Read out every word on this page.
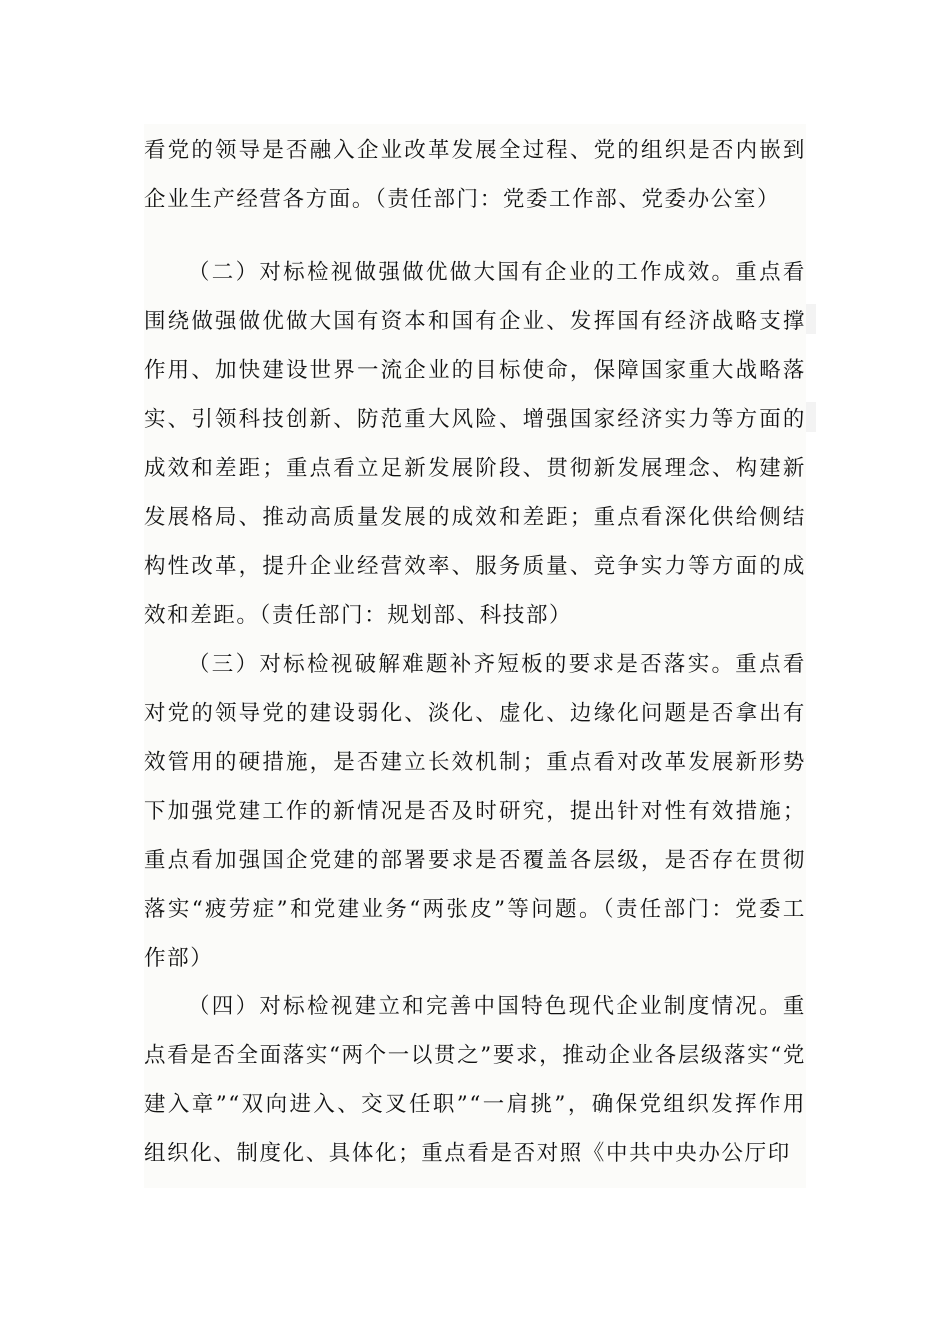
看党的领导是否融入企业改革发展全过程、党的组织是否内嵌到企业生产经营各方面。（责任部门：党委工作部、党委办公室）

（二）对标检视做强做优做大国有企业的工作成效。重点看围绕做强做优做大国有资本和国有企业、发挥国有经济战略支撑作用、加快建设世界一流企业的目标使命，保障国家重大战略落实、引领科技创新、防范重大风险、增强国家经济实力等方面的成效和差距；重点看立足新发展阶段、贯彻新发展理念、构建新发展格局、推动高质量发展的成效和差距；重点看深化供给侧结构性改革，提升企业经营效率、服务质量、竞争实力等方面的成效和差距。（责任部门：规划部、科技部）

（三）对标检视破解难题补齐短板的要求是否落实。重点看对党的领导党的建设弱化、淡化、虚化、边缘化问题是否拿出有效管用的硬措施，是否建立长效机制；重点看对改革发展新形势下加强党建工作的新情况是否及时研究，提出针对性有效措施；重点看加强国企党建的部署要求是否覆盖各层级，是否存在贯彻落实“疲劳症”和党建业务“两张皮”等问题。（责任部门：党委工作部）

（四）对标检视建立和完善中国特色现代企业制度情况。重点看是否全面落实“两个一以贯之”要求，推动企业各层级落实“党建入章”“双向进入、交叉任职”“一肩挑”，确保党组织发挥作用组织化、制度化、具体化；重点看是否对照《中共中央办公厅印
